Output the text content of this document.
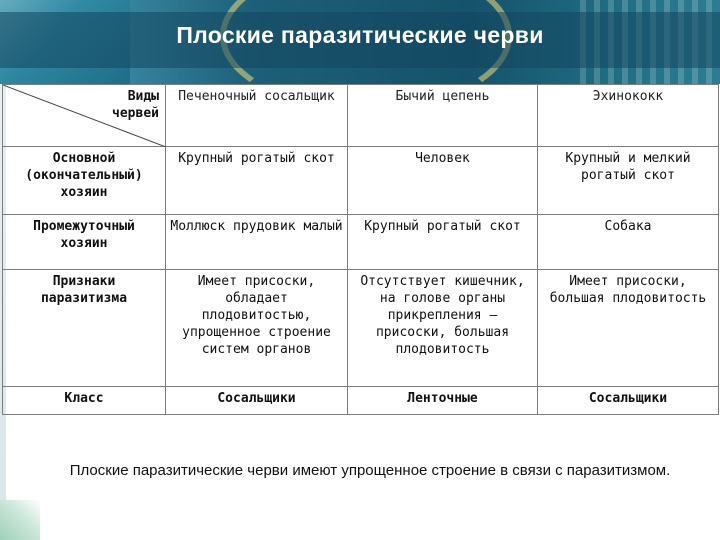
Плоские паразитические черви
Виды червей	Печеночный сосальщик	Бычий цепень	Эхинококк
Основной (окончательный) хозяин	Крупный рогатый скот	Человек	Крупный и мелкий рогатый скот
Промежуточный хозяин	Моллюск прудовик малый	Крупный рогатый скот	Собака
Признаки паразитизма	Имеет присоски, обладает плодовитостью, упрощенное строение систем органов	Отсутствует кишечник, на голове органы прикрепления – присоски, большая плодовитость	Имеет присоски, большая плодовитость
Класс	Сосальщики	Ленточные	Сосальщики
Плоские паразитические черви имеют упрощенное строение в связи с паразитизмом.
